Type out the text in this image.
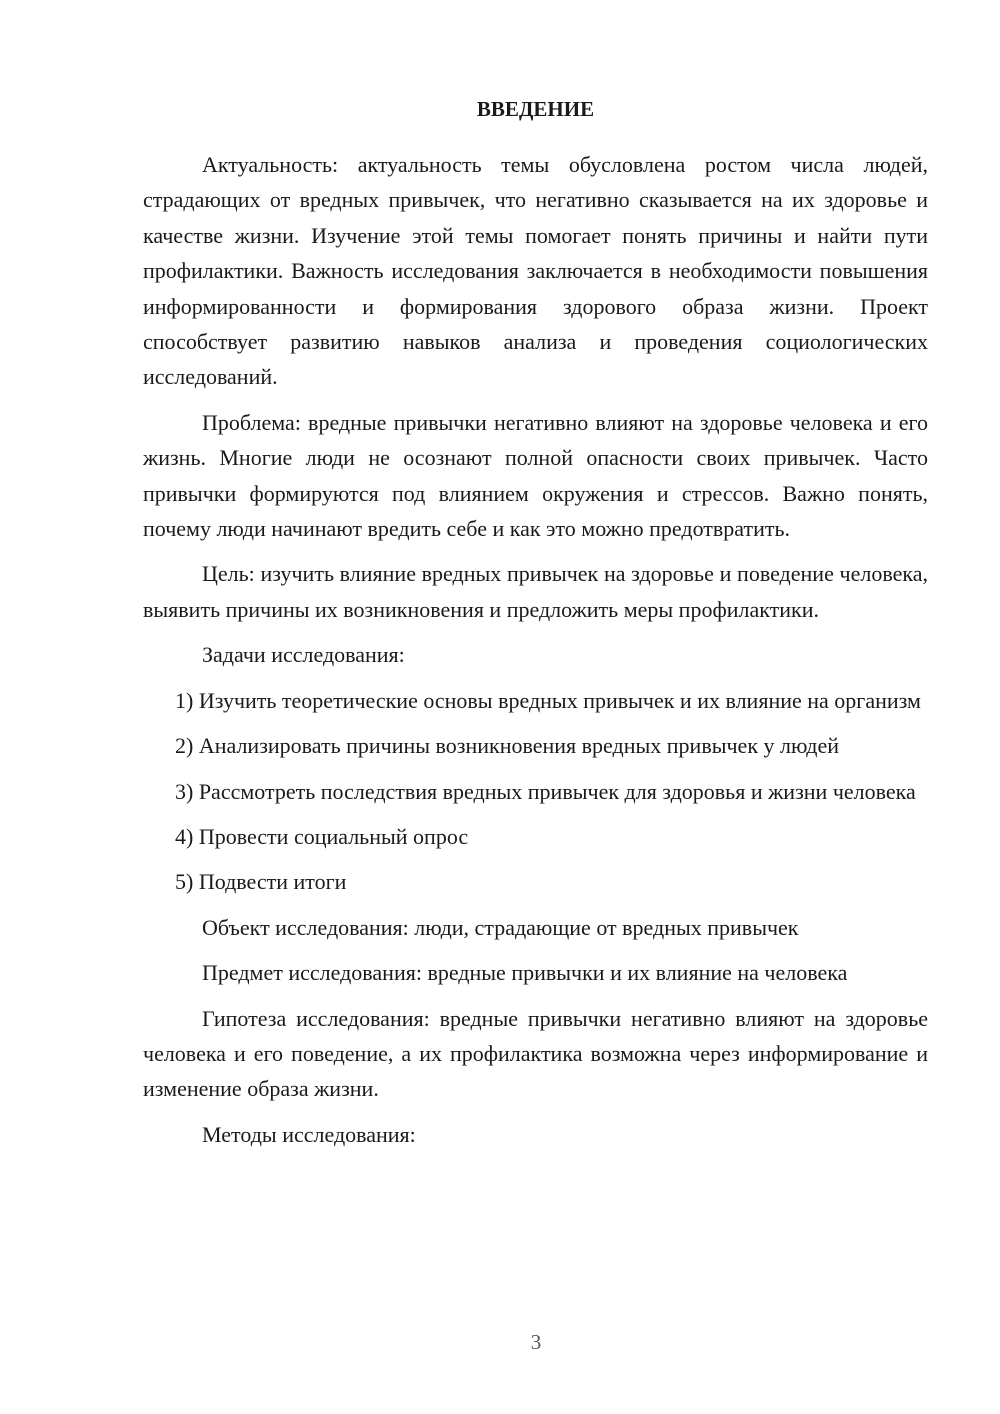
ВВЕДЕНИЕ

Актуальность: актуальность темы обусловлена ростом числа людей, страдающих от вредных привычек, что негативно сказывается на их здоровье и качестве жизни. Изучение этой темы помогает понять причины и найти пути профилактики. Важность исследования заключается в необходимости повышения информированности и формирования здорового образа жизни. Проект способствует развитию навыков анализа и проведения социологических исследований.

Проблема: вредные привычки негативно влияют на здоровье человека и его жизнь. Многие люди не осознают полной опасности своих привычек. Часто привычки формируются под влиянием окружения и стрессов. Важно понять, почему люди начинают вредить себе и как это можно предотвратить.

Цель: изучить влияние вредных привычек на здоровье и поведение человека, выявить причины их возникновения и предложить меры профилактики.

Задачи исследования:

1) Изучить теоретические основы вредных привычек и их влияние на организм

2) Анализировать причины возникновения вредных привычек у людей

3) Рассмотреть последствия вредных привычек для здоровья и жизни человека

4) Провести социальный опрос

5) Подвести итоги

Объект исследования: люди, страдающие от вредных привычек

Предмет исследования: вредные привычки и их влияние на человека

Гипотеза исследования: вредные привычки негативно влияют на здоровье человека и его поведение, а их профилактика возможна через информирование и изменение образа жизни.

Методы исследования:

3
